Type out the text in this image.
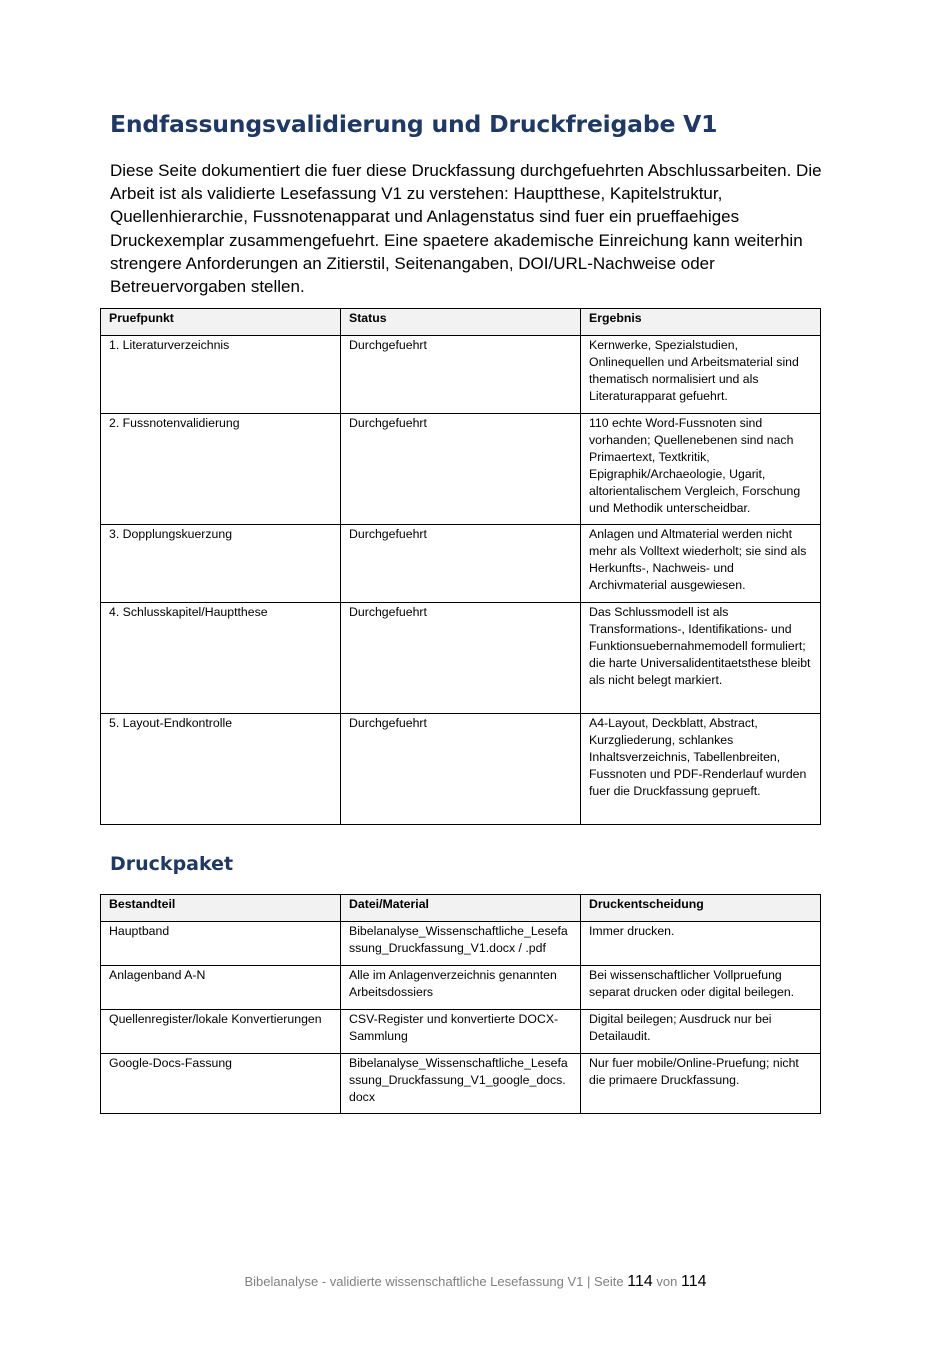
Endfassungsvalidierung und Druckfreigabe V1

Diese Seite dokumentiert die fuer diese Druckfassung durchgefuehrten Abschlussarbeiten. Die Arbeit ist als validierte Lesefassung V1 zu verstehen: Hauptthese, Kapitelstruktur, Quellenhierarchie, Fussnotenapparat und Anlagenstatus sind fuer ein prueffaehiges Druckexemplar zusammengefuehrt. Eine spaetere akademische Einreichung kann weiterhin strengere Anforderungen an Zitierstil, Seitenangaben, DOI/URL-Nachweise oder Betreuervorgaben stellen.

Pruefpunkt	Status	Ergebnis
1. Literaturverzeichnis	Durchgefuehrt	Kernwerke, Spezialstudien, Onlinequellen und Arbeitsmaterial sind thematisch normalisiert und als Literaturapparat gefuehrt.
2. Fussnotenvalidierung	Durchgefuehrt	110 echte Word-Fussnoten sind vorhanden; Quellenebenen sind nach Primaertext, Textkritik, Epigraphik/Archaeologie, Ugarit, altorientalischem Vergleich, Forschung und Methodik unterscheidbar.
3. Dopplungskuerzung	Durchgefuehrt	Anlagen und Altmaterial werden nicht mehr als Volltext wiederholt; sie sind als Herkunfts-, Nachweis- und Archivmaterial ausgewiesen.
4. Schlusskapitel/Hauptthese	Durchgefuehrt	Das Schlussmodell ist als Transformations-, Identifikations- und Funktionsuebernahmemodell formuliert; die harte Universalidentitaetsthese bleibt als nicht belegt markiert.
5. Layout-Endkontrolle	Durchgefuehrt	A4-Layout, Deckblatt, Abstract, Kurzgliederung, schlankes Inhaltsverzeichnis, Tabellenbreiten, Fussnoten und PDF-Renderlauf wurden fuer die Druckfassung geprueft.
Druckpaket
Bestandteil	Datei/Material	Druckentscheidung
Hauptband	Bibelanalyse_Wissenschaftliche_Lesefassung_Druckfassung_V1.docx / .pdf	Immer drucken.
Anlagenband A-N	Alle im Anlagenverzeichnis genannten Arbeitsdossiers	Bei wissenschaftlicher Vollpruefung separat drucken oder digital beilegen.
Quellenregister/lokale Konvertierungen	CSV-Register und konvertierte DOCX-Sammlung	Digital beilegen; Ausdruck nur bei Detailaudit.
Google-Docs-Fassung	Bibelanalyse_Wissenschaftliche_Lesefassung_Druckfassung_V1_google_docs.docx	Nur fuer mobile/Online-Pruefung; nicht die primaere Druckfassung.
Bibelanalyse - validierte wissenschaftliche Lesefassung V1 | Seite 114 von 114
